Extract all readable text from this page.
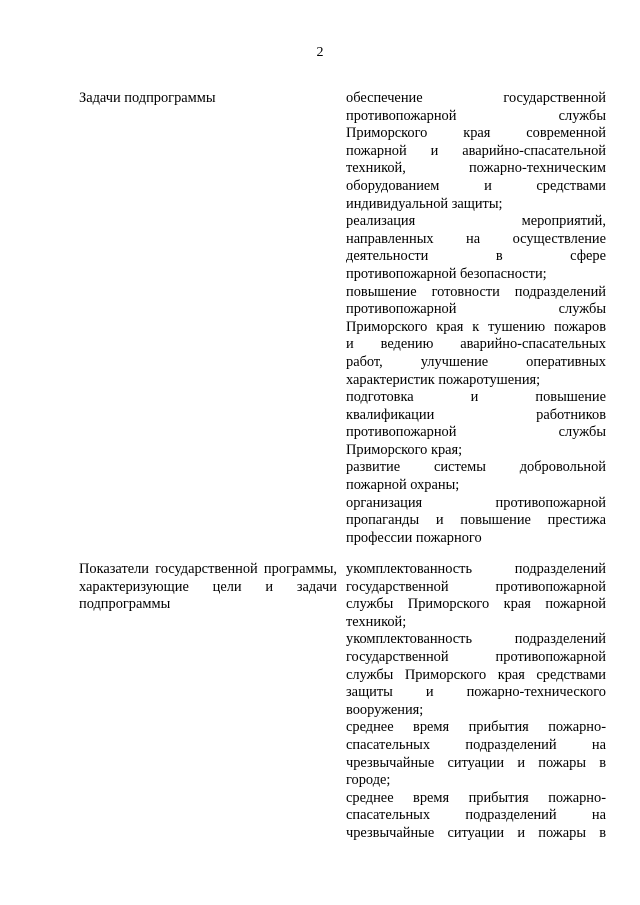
2
Задачи подпрограммы	обеспечение государственной
противопожарной службы
Приморского края современной
пожарной и аварийно-спасательной
техникой, пожарно-техническим
оборудованием и средствами
индивидуальной защиты;
реализация мероприятий,
направленных на осуществление
деятельности в сфере
противопожарной безопасности;
повышение готовности подразделений
противопожарной службы
Приморского края к тушению пожаров
и ведению аварийно-спасательных
работ, улучшение оперативных
характеристик пожаротушения;
подготовка и повышение
квалификации работников
противопожарной службы
Приморского края;
развитие системы добровольной
пожарной охраны;
организация противопожарной
пропаганды и повышение престижа
профессии пожарного
Показатели государственной программы, характеризующие цели и задачи подпрограммы
укомплектованность подразделений
государственной противопожарной
службы Приморского края пожарной
техникой;
укомплектованность подразделений
государственной противопожарной
службы Приморского края средствами
защиты и пожарно-технического
вооружения;
среднее время прибытия пожарно-
спасательных подразделений на
чрезвычайные ситуации и пожары в
городе;
среднее время прибытия пожарно-
спасательных подразделений на
чрезвычайные ситуации и пожары в
